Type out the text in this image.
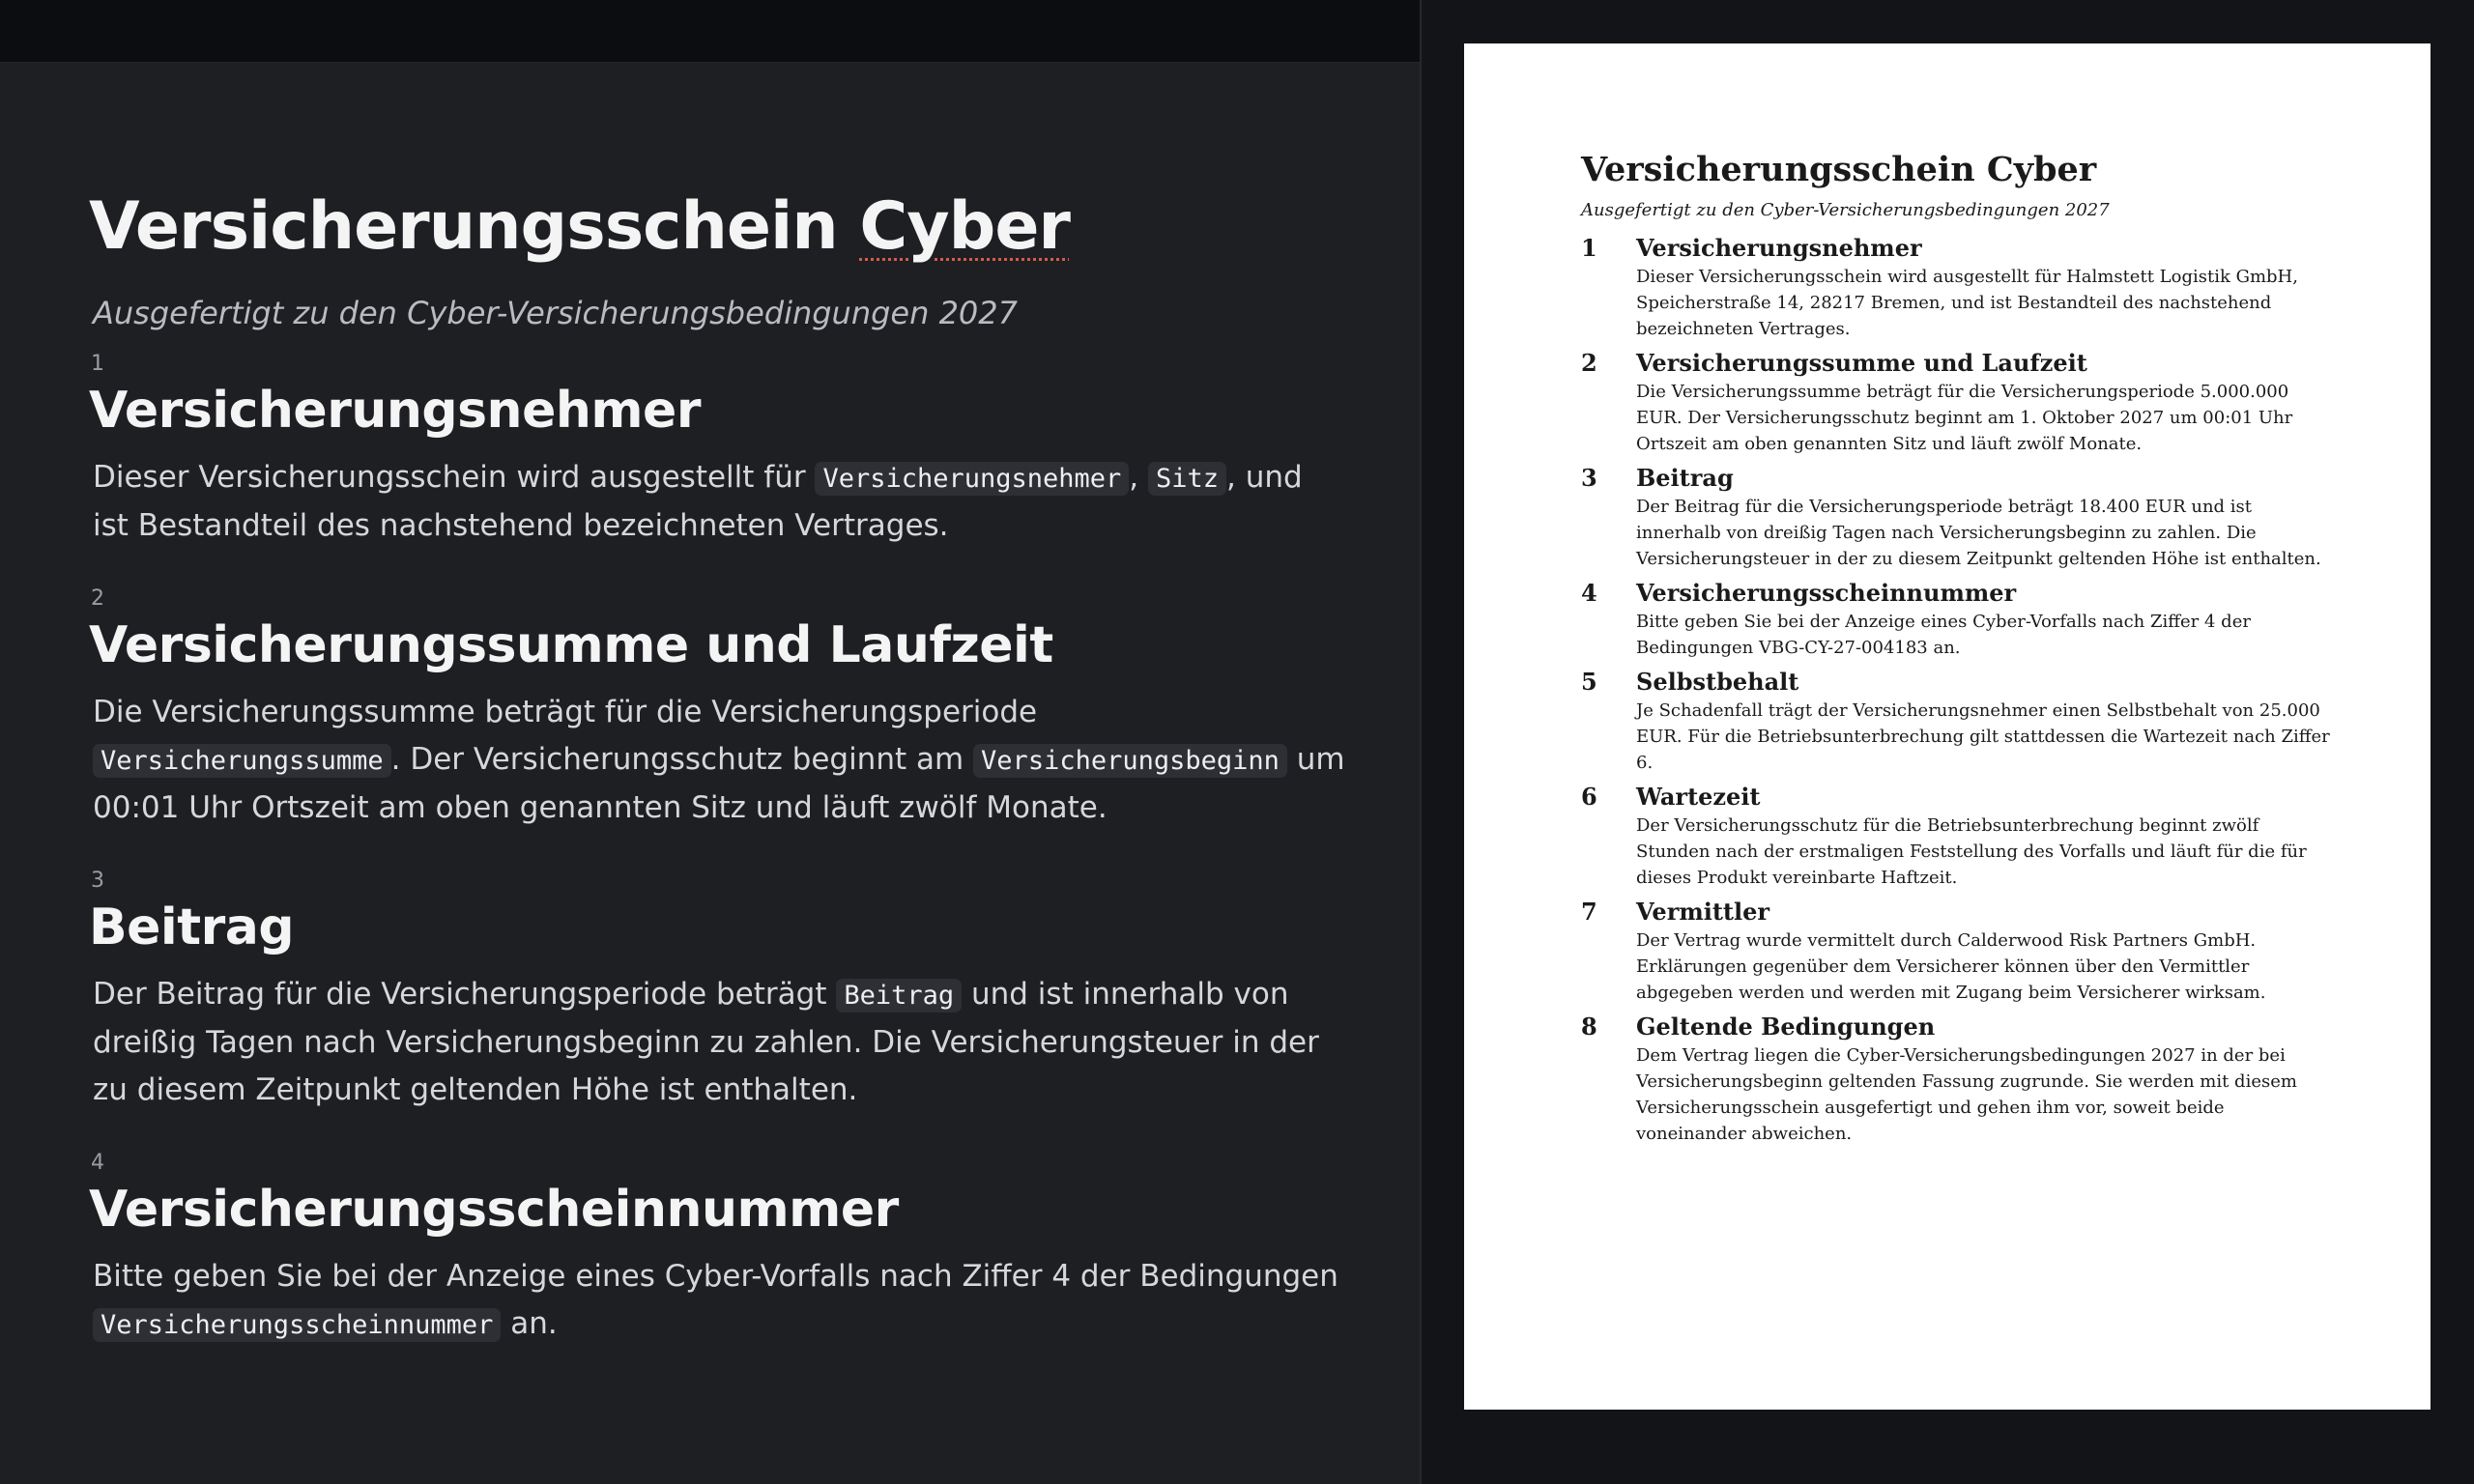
Versicherungsschein Cyber
Ausgefertigt zu den Cyber-Versicherungsbedingungen 2027
1
Versicherungsnehmer

Dieser Versicherungsschein wird ausgestellt für Versicherungsnehmer , Sitz , und ist Bestandteil des nachstehend bezeichneten Vertrages.

2
Versicherungssumme und Laufzeit

Die Versicherungssumme beträgt für die Versicherungsperiode Versicherungssumme . Der Versicherungsschutz beginnt am Versicherungsbeginn um 00:01 Uhr Ortszeit am oben genannten Sitz und läuft zwölf Monate.

3
Beitrag

Der Beitrag für die Versicherungsperiode beträgt Beitrag und ist innerhalb von dreißig Tagen nach Versicherungsbeginn zu zahlen. Die Versicherungsteuer in der zu diesem Zeitpunkt geltenden Höhe ist enthalten.

4
Versicherungsscheinnummer

Bitte geben Sie bei der Anzeige eines Cyber-Vorfalls nach Ziffer 4 der Bedingungen Versicherungsscheinnummer an.

Versicherungsschein Cyber
Ausgefertigt zu den Cyber-Versicherungsbedingungen 2027
1	Versicherungsnehmer

Dieser Versicherungsschein wird ausgestellt für Halmstett Logistik GmbH, Speicherstraße 14, 28217 Bremen, und ist Bestandteil des nachstehend bezeichneten Vertrages.

2	Versicherungssumme und Laufzeit

Die Versicherungssumme beträgt für die Versicherungsperiode 5.000.000 EUR. Der Versicherungsschutz beginnt am 1. Oktober 2027 um 00:01 Uhr Ortszeit am oben genannten Sitz und läuft zwölf Monate.

3	Beitrag

Der Beitrag für die Versicherungsperiode beträgt 18.400 EUR und ist innerhalb von dreißig Tagen nach Versicherungsbeginn zu zahlen. Die Versicherungsteuer in der zu diesem Zeitpunkt geltenden Höhe ist enthalten.

4	Versicherungsscheinnummer

Bitte geben Sie bei der Anzeige eines Cyber-Vorfalls nach Ziffer 4 der Bedingungen VBG-CY-27-004183 an.

5	Selbstbehalt

Je Schadenfall trägt der Versicherungsnehmer einen Selbstbehalt von 25.000 EUR. Für die Betriebsunterbrechung gilt stattdessen die Wartezeit nach Ziffer 6.

6	Wartezeit

Der Versicherungsschutz für die Betriebsunterbrechung beginnt zwölf Stunden nach der erstmaligen Feststellung des Vorfalls und läuft für die für dieses Produkt vereinbarte Haftzeit.

7	Vermittler

Der Vertrag wurde vermittelt durch Calderwood Risk Partners GmbH. Erklärungen gegenüber dem Versicherer können über den Vermittler abgegeben werden und werden mit Zugang beim Versicherer wirksam.

8	Geltende Bedingungen

Dem Vertrag liegen die Cyber-Versicherungsbedingungen 2027 in der bei Versicherungsbeginn geltenden Fassung zugrunde. Sie werden mit diesem Versicherungsschein ausgefertigt und gehen ihm vor, soweit beide voneinander abweichen.
